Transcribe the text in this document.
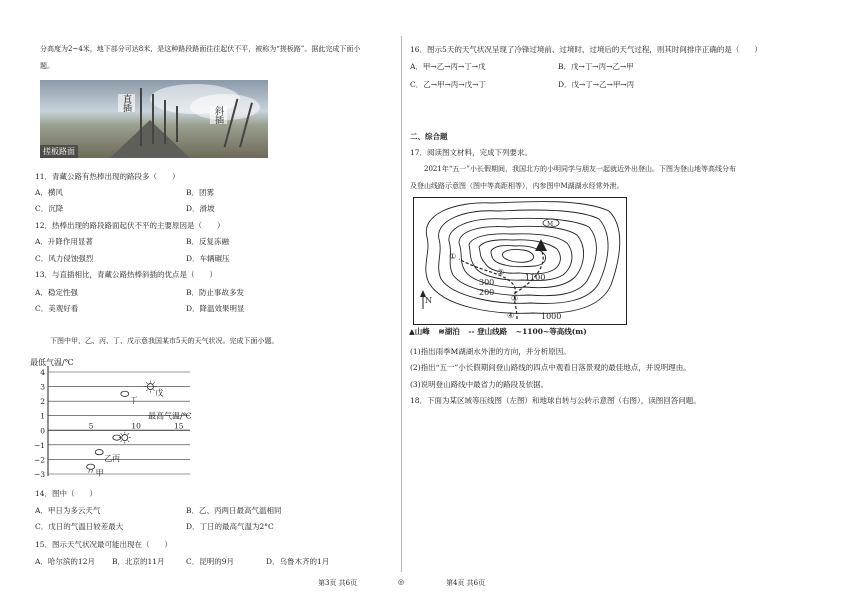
分高度为2~4米，地下部分可达8米，是这种路段路面往往起伏不平，被称为“搓板路”。据此完成下面小
题。
直插
斜插
搓板路面
11．青藏公路有热棒出现的路段多（　　）
A．横风	B．团雾
C．沉降	D．滑坡
12．热棒出现的路段路面起伏不平的主要原因是（　　）
A．升降作用显著	B．反复冻融
C．风力侵蚀强烈	D．车辆碾压
13．与直插相比，青藏公路热棒斜插的优点是（　　）
A．稳定性强	B．防止事故多发
C．美观好看	D．降温效果明显
下图中甲、乙、丙、丁、戊示意我国某市5天的天气状况。完成下面小题。
最低气温/℃
4
3
2
1
0
−1
−2
−3
5	10	15
最高气温/℃
甲
乙丙
丁
戊
14．图中（　　）
A．甲日为多云天气	B．乙、丙两日最高气温相同
C．戊日的气温日较差最大	D．丁日的最高气温为2°C
15．图示天气状况最可能出现在（　　）
A．哈尔滨的12月 B．北京的11月	C．昆明的9月	D．乌鲁木齐的1月
第3页 共6页	◎
16．图示5天的天气状况呈现了冷锋过境前、过境时、过境后的天气过程，则其时间排序正确的是（　　）
A．甲→乙→丙→丁→戊	B．戊→丁→丙→乙→甲
C．乙→甲→丙→戊→丁	D．戊→丁→乙→甲→丙
二、综合题
17．阅读图文材料，完成下列要求。
2021年“五一”小长假期间，我国北方的小明同学与朋友一起就近外出登山。下图为登山地等高线分布
及登山线路示意图（图中等高距相等），内参图中M湖湖水经常外泄。
M
N
300
200
1100
1000
①
②
③
④
▲山峰 ≋湖泊 -- 登山线路 ~1100~等高线(m)
(1)指出雨季M湖湖水外泄的方向，并分析原因。
(2)指出“五一”小长假期间登山路线的四点中观看日落景观的最佳地点，并说明理由。
(3)说明登山路线中最省力的路段及依据。
18．下面为某区域等压线图（左图）和地球自转与公转示意图（右图），读图回答问题。
第4页 共6页
